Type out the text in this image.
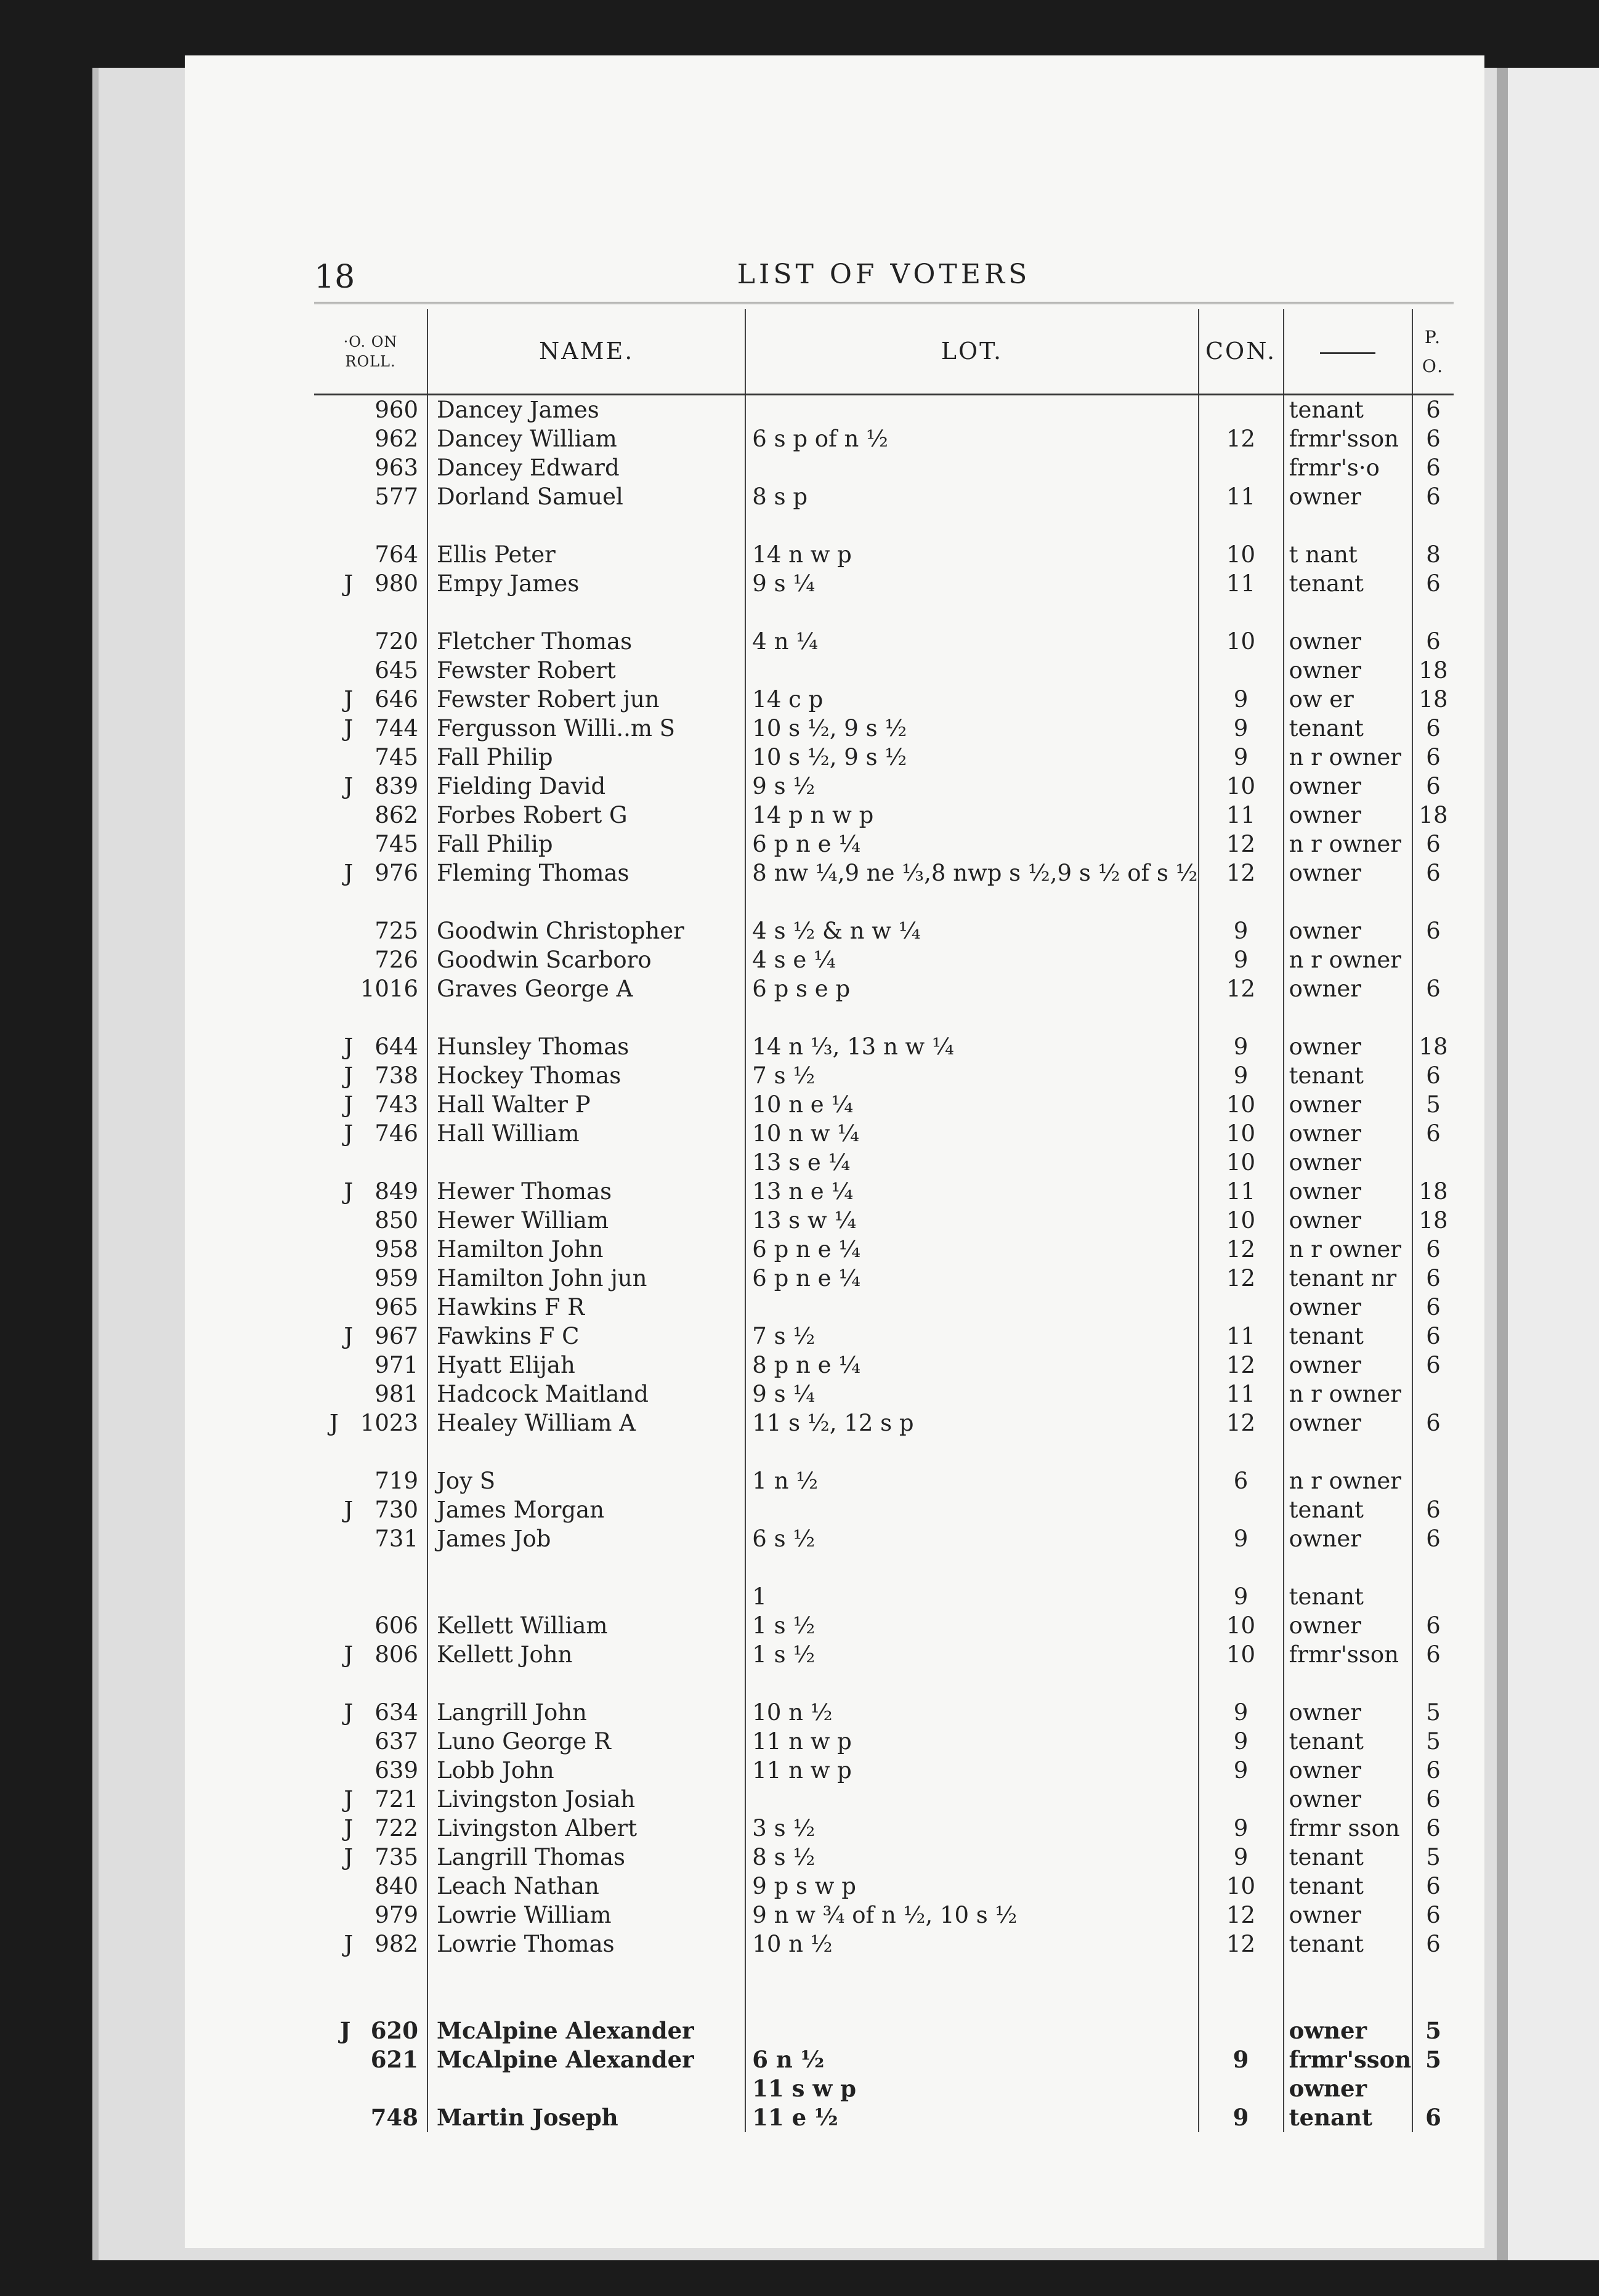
18	LIST OF VOTERS
·O. ON
ROLL.	NAME.	LOT.	CON.		P. O.
960	Dancey James			tenant	6
962	Dancey William	6 s p of n ½	12	frmr'sson	6
963	Dancey Edward			frmr's·o	6
577	Dorland Samuel	8 s p	11	owner	6

764	Ellis Peter	14 n w p	10	t nant	8
J 980	Empy James	9 s ¼	11	tenant	6

720	Fletcher Thomas	4 n ¼	10	owner	6
645	Fewster Robert			owner	18
J 646	Fewster Robert jun	14 c p	9	ow er	18
J 744	Fergusson Willi..m S	10 s ½, 9 s ½	9	tenant	6
745	Fall Philip	10 s ½, 9 s ½	9	n r owner	6
J 839	Fielding David	9 s ½	10	owner	6
862	Forbes Robert G	14 p n w p	11	owner	18
745	Fall Philip	6 p n e ¼	12	n r owner	6
J 976	Fleming Thomas	8 nw ¼,9 ne ⅓,8 nwp s ½,9 s ½ of s ½	12	owner	6

725	Goodwin Christopher	4 s ½ & n w ¼	9	owner	6
726	Goodwin Scarboro	4 s e ¼	9	n r owner	
1016	Graves George A	6 p s e p	12	owner	6

J 644	Hunsley Thomas	14 n ⅓, 13 n w ¼	9	owner	18
J 738	Hockey Thomas	7 s ½	9	tenant	6
J 743	Hall Walter P	10 n e ¼	10	owner	5
J 746	Hall William	10 n w ¼	10	owner	6
		13 s e ¼	10	owner	
J 849	Hewer Thomas	13 n e ¼	11	owner	18
850	Hewer William	13 s w ¼	10	owner	18
958	Hamilton John	6 p n e ¼	12	n r owner	6
959	Hamilton John jun	6 p n e ¼	12	tenant nr	6
965	Hawkins F R			owner	6
J 967	Fawkins F C	7 s ½	11	tenant	6
971	Hyatt Elijah	8 p n e ¼	12	owner	6
981	Hadcock Maitland	9 s ¼	11	n r owner	
J 1023	Healey William A	11 s ½, 12 s p	12	owner	6

719	Joy S	1 n ½	6	n r owner	
J 730	James Morgan			tenant	6
731	James Job	6 s ½	9	owner	6

		1	9	tenant	
606	Kellett William	1 s ½	10	owner	6
J 806	Kellett John	1 s ½	10	frmr'sson	6

J 634	Langrill John	10 n ½	9	owner	5
637	Luno George R	11 n w p	9	tenant	5
639	Lobb John	11 n w p	9	owner	6
J 721	Livingston Josiah			owner	6
J 722	Livingston Albert	3 s ½	9	frmr sson	6
J 735	Langrill Thomas	8 s ½	9	tenant	5
840	Leach Nathan	9 p s w p	10	tenant	6
979	Lowrie William	9 n w ¾ of n ½, 10 s ½	12	owner	6
J 982	Lowrie Thomas	10 n ½	12	tenant	6

J 620	McAlpine Alexander			owner	5
621	McAlpine Alexander	6 n ½	9	frmr'sson	5
		11 s w p		owner	
748	Martin Joseph	11 e ½	9	tenant	6
